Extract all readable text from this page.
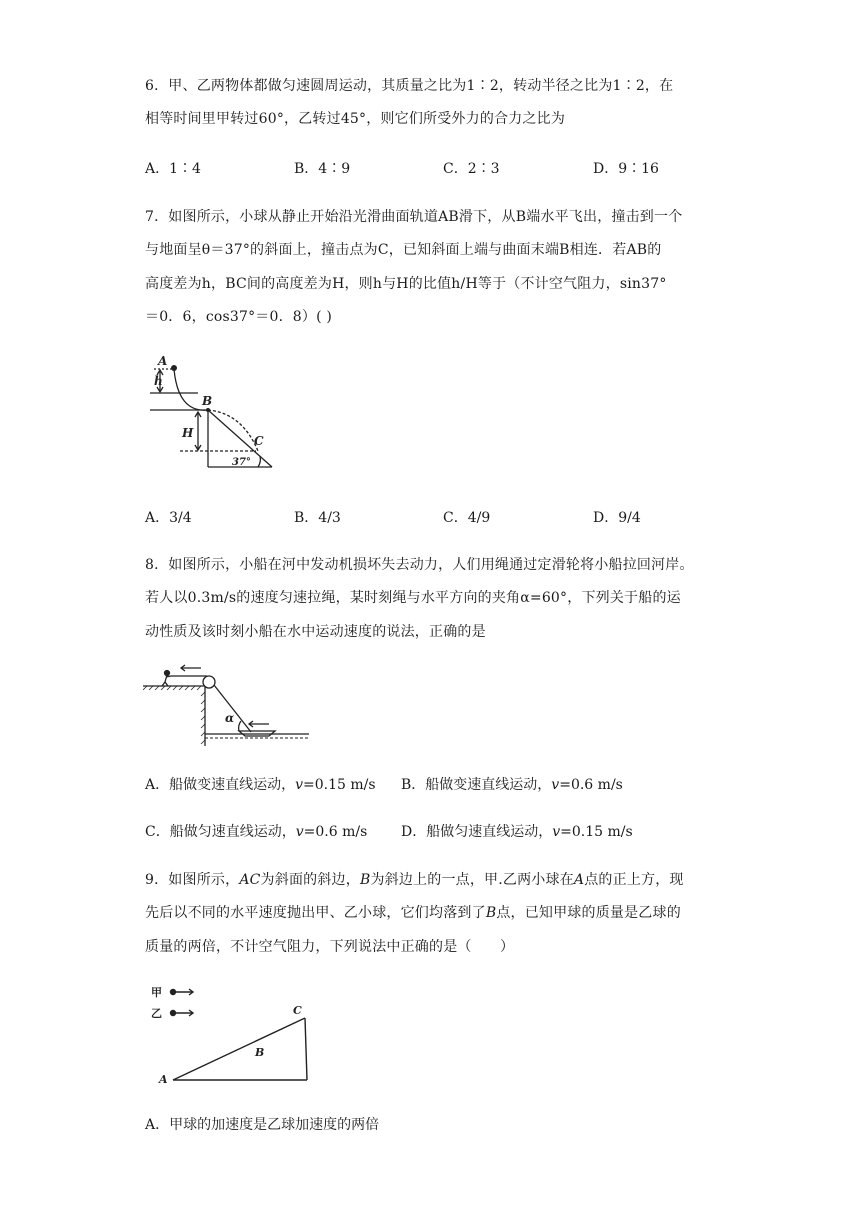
6．甲、乙两物体都做匀速圆周运动，其质量之比为1∶2，转动半径之比为1∶2，在
相等时间里甲转过60°，乙转过45°，则它们所受外力的合力之比为
A．1∶4	B．4∶9	C．2∶3	D．9∶16
7．如图所示，小球从静止开始沿光滑曲面轨道AB滑下，从B端水平飞出，撞击到一个
与地面呈θ＝37°的斜面上，撞击点为C，已知斜面上端与曲面末端B相连．若AB的
高度差为h，BC间的高度差为H，则h与H的比值h/H等于（不计空气阻力，sin37°
＝0．6，cos37°＝0．8）( )
A
h
B
H
C
37°
A．3/4	B．4/3	C．4/9	D．9/4
8．如图所示，小船在河中发动机损坏失去动力，人们用绳通过定滑轮将小船拉回河岸。
若人以0.3m/s的速度匀速拉绳，某时刻绳与水平方向的夹角α=60°，下列关于船的运
动性质及该时刻小船在水中运动速度的说法，正确的是
α
A．船做变速直线运动，v=0.15 m/s B．船做变速直线运动，v=0.6 m/s
C．船做匀速直线运动，v=0.6 m/s D．船做匀速直线运动，v=0.15 m/s
9．如图所示，AC为斜面的斜边，B为斜边上的一点，甲.乙两小球在A点的正上方，现
先后以不同的水平速度抛出甲、乙小球，它们均落到了B点，已知甲球的质量是乙球的
质量的两倍，不计空气阻力，下列说法中正确的是（　　）
甲
乙
A
B
C
A．甲球的加速度是乙球加速度的两倍
